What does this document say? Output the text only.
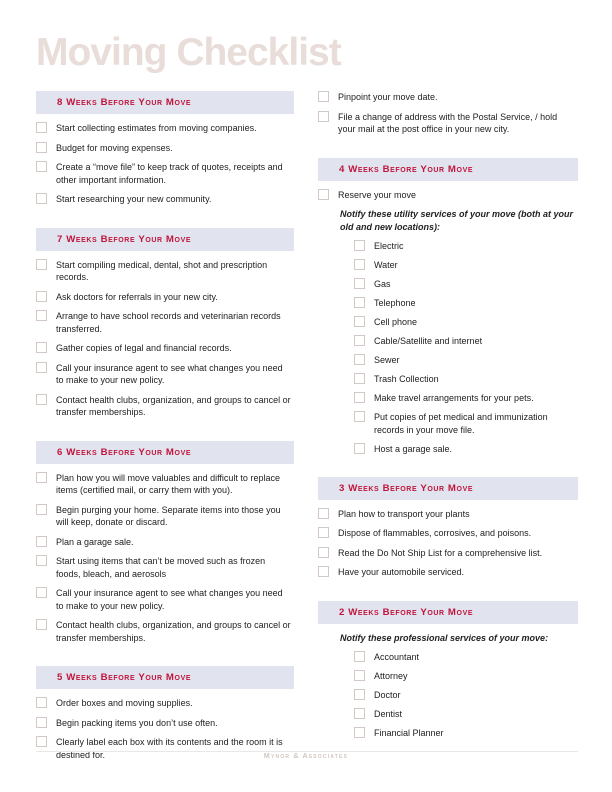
Moving Checklist
8 Weeks Before Your Move
Start collecting estimates from moving companies.
Budget for moving expenses.
Create a “move file” to keep track of quotes, receipts and other important information.
Start researching your new community.
7 Weeks Before Your Move
Start compiling medical, dental, shot and prescription records.
Ask doctors for referrals in your new city.
Arrange to have school records and veterinarian records transferred.
Gather copies of legal and financial records.
Call your insurance agent to see what changes you need to make to your new policy.
Contact health clubs, organization, and groups to cancel or transfer memberships.
6 Weeks Before Your Move
Plan how you will move valuables and difficult to replace items (certified mail, or carry them with you).
Begin purging your home. Separate items into those you will keep, donate or discard.
Plan a garage sale.
Start using items that can’t be moved such as frozen foods, bleach, and aerosols
Call your insurance agent to see what changes you need to make to your new policy.
Contact health clubs, organization, and groups to cancel or transfer memberships.
5 Weeks Before Your Move
Order boxes and moving supplies.
Begin packing items you don’t use often.
Clearly label each box with its contents and the room it is destined for.
Pinpoint your move date.
File a change of address with the Postal Service, / hold your mail at the post office in your new city.
4 Weeks Before Your Move
Reserve your move
Notify these utility services of your move (both at your old and new locations):
Electric
Water
Gas
Telephone
Cell phone
Cable/Satellite and internet
Sewer
Trash Collection
Make travel arrangements for your pets.
Put copies of pet medical and immunization records in your move file.
Host a garage sale.
3 Weeks Before Your Move
Plan how to transport your plants
Dispose of flammables, corrosives, and poisons.
Read the Do Not Ship List for a comprehensive list.
Have your automobile serviced.
2 Weeks Before Your Move
Notify these professional services of your move:
Accountant
Attorney
Doctor
Dentist
Financial Planner
Mynor & Associates
